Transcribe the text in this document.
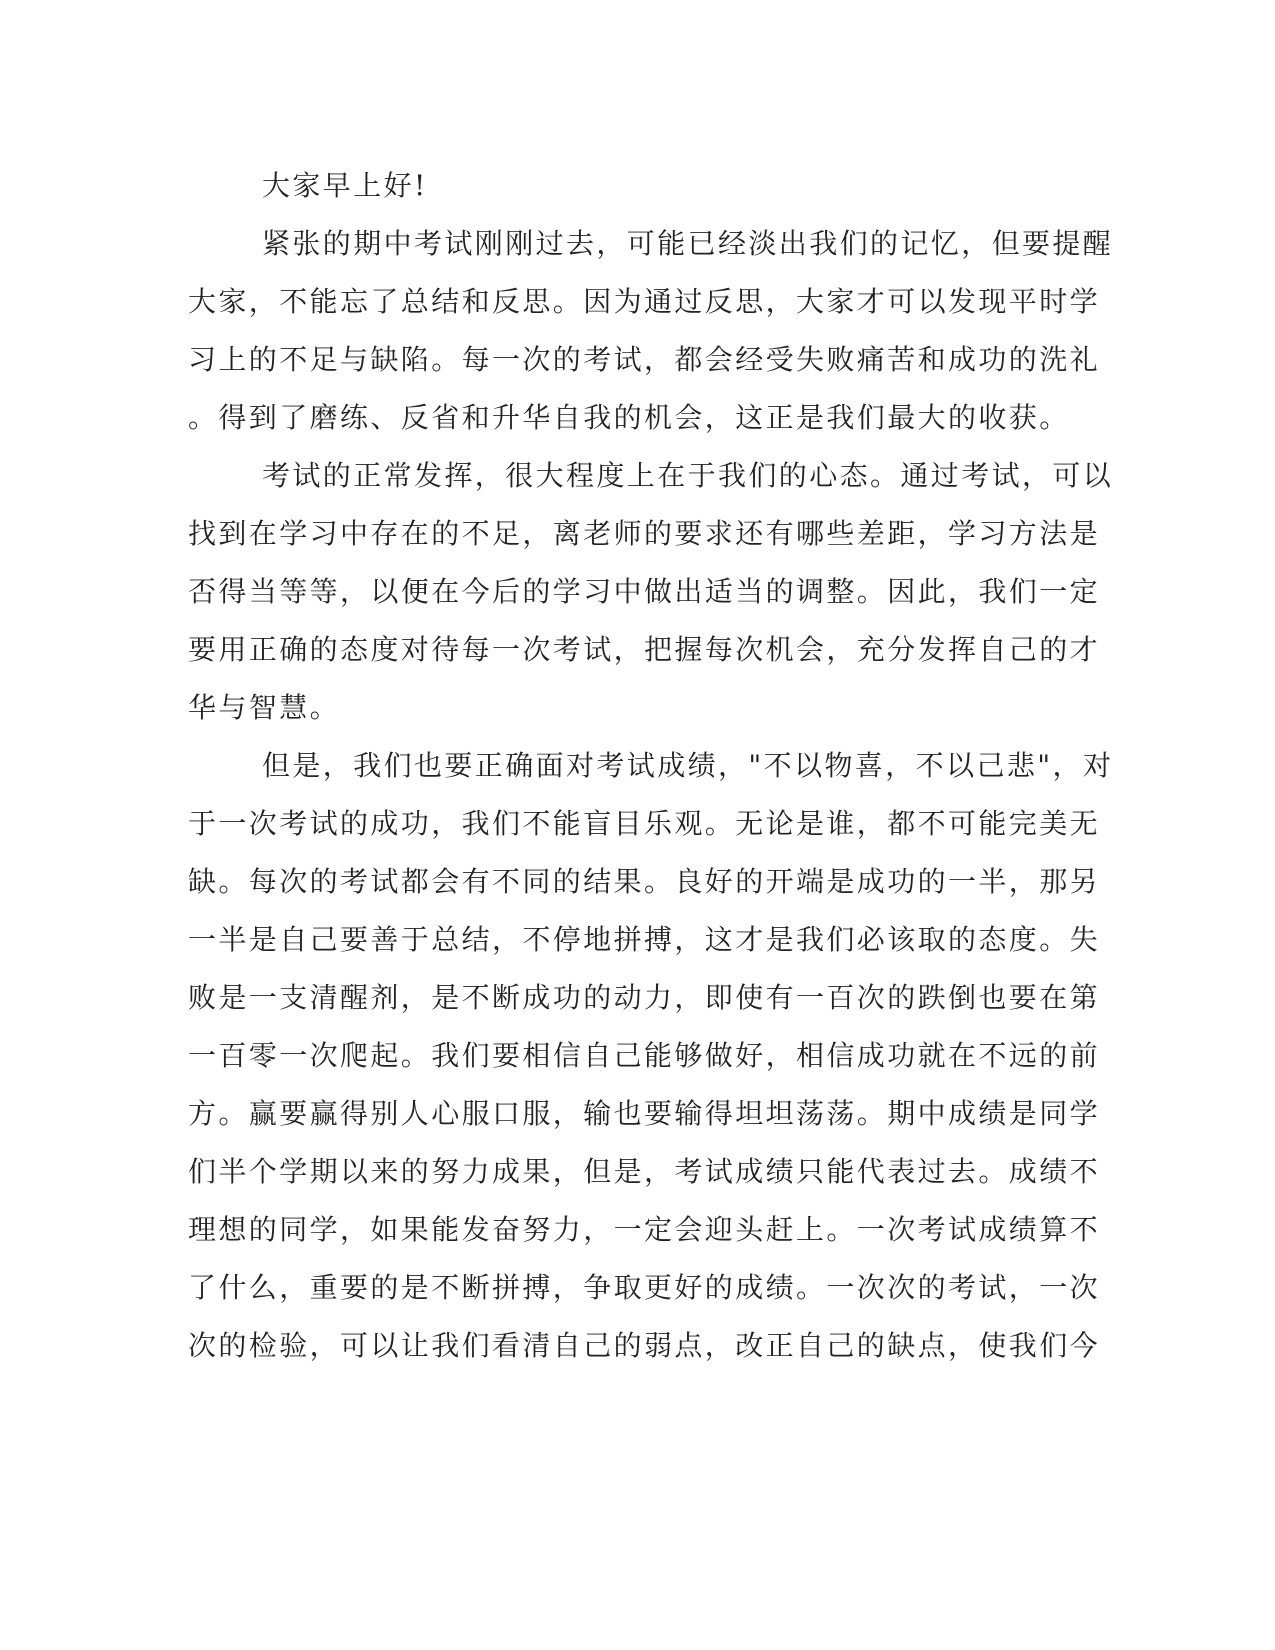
大家早上好!
紧张的期中考试刚刚过去，可能已经淡出我们的记忆，但要提醒
大家，不能忘了总结和反思。因为通过反思，大家才可以发现平时学
习上的不足与缺陷。每一次的考试，都会经受失败痛苦和成功的洗礼
。得到了磨练、反省和升华自我的机会，这正是我们最大的收获。
考试的正常发挥，很大程度上在于我们的心态。通过考试，可以
找到在学习中存在的不足，离老师的要求还有哪些差距，学习方法是
否得当等等，以便在今后的学习中做出适当的调整。因此，我们一定
要用正确的态度对待每一次考试，把握每次机会，充分发挥自己的才
华与智慧。
但是，我们也要正确面对考试成绩，"不以物喜，不以己悲"，对
于一次考试的成功，我们不能盲目乐观。无论是谁，都不可能完美无
缺。每次的考试都会有不同的结果。良好的开端是成功的一半，那另
一半是自己要善于总结，不停地拼搏，这才是我们必该取的态度。失
败是一支清醒剂，是不断成功的动力，即使有一百次的跌倒也要在第
一百零一次爬起。我们要相信自己能够做好，相信成功就在不远的前
方。赢要赢得别人心服口服，输也要输得坦坦荡荡。期中成绩是同学
们半个学期以来的努力成果，但是，考试成绩只能代表过去。成绩不
理想的同学，如果能发奋努力，一定会迎头赶上。一次考试成绩算不
了什么，重要的是不断拼搏，争取更好的成绩。一次次的考试，一次
次的检验，可以让我们看清自己的弱点，改正自己的缺点，使我们今
